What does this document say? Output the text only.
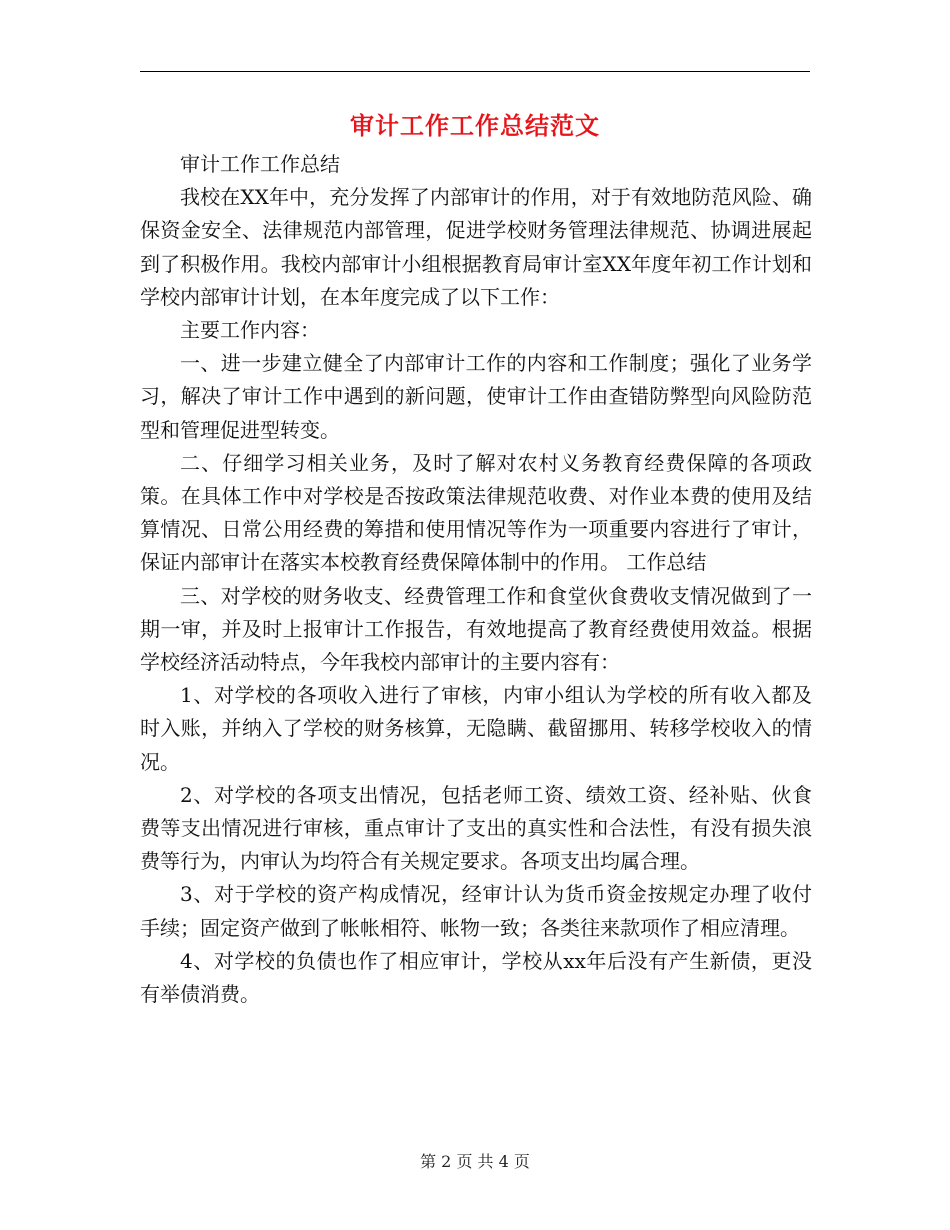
审计工作工作总结范文

审计工作工作总结

我校在XX年中，充分发挥了内部审计的作用，对于有效地防范风险、确保资金安全、法律规范内部管理，促进学校财务管理法律规范、协调进展起到了积极作用。我校内部审计小组根据教育局审计室XX年度年初工作计划和学校内部审计计划，在本年度完成了以下工作：

主要工作内容：

一、进一步建立健全了内部审计工作的内容和工作制度；强化了业务学习，解决了审计工作中遇到的新问题，使审计工作由查错防弊型向风险防范型和管理促进型转变。

二、仔细学习相关业务，及时了解对农村义务教育经费保障的各项政策。在具体工作中对学校是否按政策法律规范收费、对作业本费的使用及结算情况、日常公用经费的筹措和使用情况等作为一项重要内容进行了审计，保证内部审计在落实本校教育经费保障体制中的作用。 工作总结

三、对学校的财务收支、经费管理工作和食堂伙食费收支情况做到了一期一审，并及时上报审计工作报告，有效地提高了教育经费使用效益。根据学校经济活动特点，今年我校内部审计的主要内容有：

1、对学校的各项收入进行了审核，内审小组认为学校的所有收入都及时入账，并纳入了学校的财务核算，无隐瞒、截留挪用、转移学校收入的情况。

2、对学校的各项支出情况，包括老师工资、绩效工资、经补贴、伙食费等支出情况进行审核，重点审计了支出的真实性和合法性，有没有损失浪费等行为，内审认为均符合有关规定要求。各项支出均属合理。

3、对于学校的资产构成情况，经审计认为货币资金按规定办理了收付手续；固定资产做到了帐帐相符、帐物一致；各类往来款项作了相应清理。

4、对学校的负债也作了相应审计，学校从xx年后没有产生新债，更没有举债消费。

第 2 页 共 4 页
